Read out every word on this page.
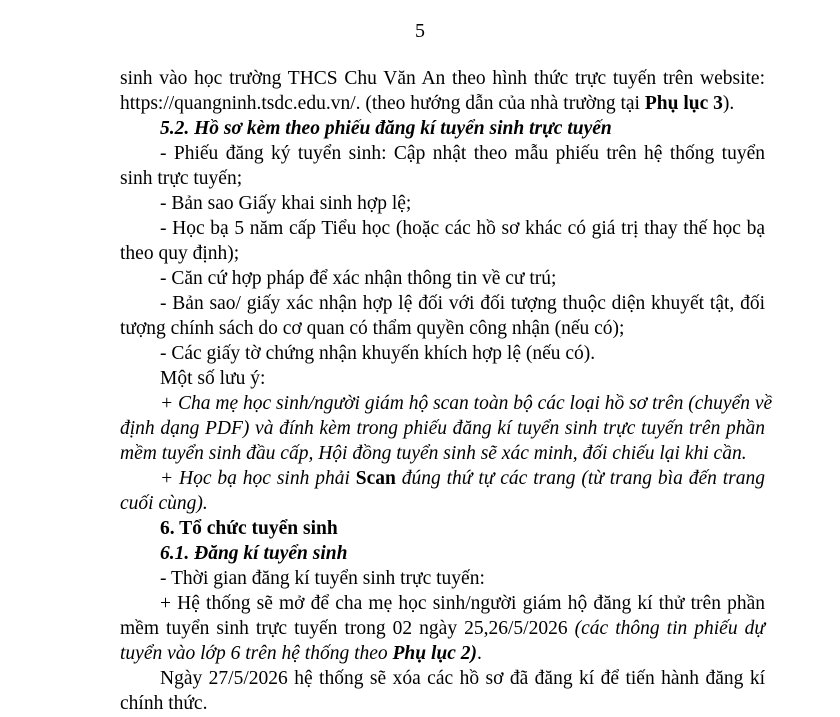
5
sinh vào học trường THCS Chu Văn An theo hình thức trực tuyến trên website:
https://quangninh.tsdc.edu.vn/. (theo hướng dẫn của nhà trường tại Phụ lục 3).
5.2. Hồ sơ kèm theo phiếu đăng kí tuyển sinh trực tuyến
- Phiếu đăng ký tuyển sinh: Cập nhật theo mẫu phiếu trên hệ thống tuyển
sinh trực tuyến;
- Bản sao Giấy khai sinh hợp lệ;
- Học bạ 5 năm cấp Tiểu học (hoặc các hồ sơ khác có giá trị thay thế học bạ
theo quy định);
- Căn cứ hợp pháp để xác nhận thông tin về cư trú;
- Bản sao/ giấy xác nhận hợp lệ đối với đối tượng thuộc diện khuyết tật, đối
tượng chính sách do cơ quan có thẩm quyền công nhận (nếu có);
- Các giấy tờ chứng nhận khuyến khích hợp lệ (nếu có).
Một số lưu ý:
+ Cha mẹ học sinh/người giám hộ scan toàn bộ các loại hồ sơ trên (chuyển về
định dạng PDF) và đính kèm trong phiếu đăng kí tuyển sinh trực tuyến trên phần
mềm tuyển sinh đầu cấp, Hội đồng tuyển sinh sẽ xác minh, đối chiếu lại khi cần.
+ Học bạ học sinh phải Scan đúng thứ tự các trang (từ trang bìa đến trang
cuối cùng).
6. Tổ chức tuyển sinh
6.1. Đăng kí tuyển sinh
- Thời gian đăng kí tuyển sinh trực tuyến:
+ Hệ thống sẽ mở để cha mẹ học sinh/người giám hộ đăng kí thử trên phần
mềm tuyển sinh trực tuyến trong 02 ngày 25,26/5/2026 (các thông tin phiếu dự
tuyển vào lớp 6 trên hệ thống theo Phụ lục 2).
Ngày 27/5/2026 hệ thống sẽ xóa các hồ sơ đã đăng kí để tiến hành đăng kí
chính thức.
